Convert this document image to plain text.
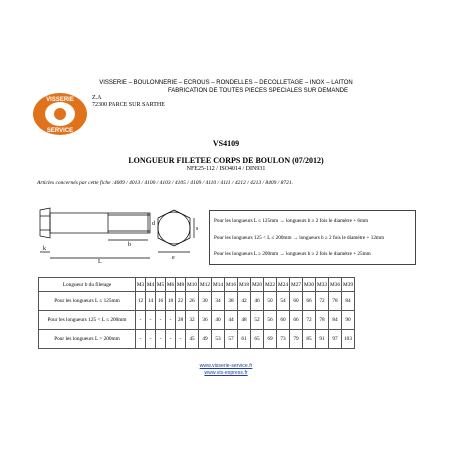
VISSERIE – BOULONNERIE – ECROUS – RONDELLES – DECOLLETAGE – INOX – LAITON
FABRICATION DE TOUTES PIECES SPECIALES SUR DEMANDE
VISSERIE
SERVICE
Z.A
72300 PARCE SUR SARTHE
VS4109
LONGUEUR FILETEE CORPS DE BOULON (07/2012)
NFE25-112 / ISO4014 / DIN931
Articles concernés par cette fiche :4009 / 4013 / 4100 / 4103 / 4105 / 4109 / 4110 / 4111 / 4212 / 4213 / 8409 / 8721.
b
k
L
d
s
e
Pour les longueurs L ≤ 125mm → longueurs b ≥ 2 fois le diamètre + 6mm
Pour les longueurs 125 < L ≤ 200mm → longueurs b ≥ 2 fois le diamètre + 12mm
Pour les longueurs L ≥ 200mm → longueurs b ≥ 2 fois le diamètre + 25mm
Longueur b du filetage	M3	M4	M5	M6	M8	M10	M12	M14	M16	M18	M20	M22	M24	M27	M30	M33	M36	M39
Pour les longueurs L ≤ 125mm	12	14	16	18	22	26	30	34	38	42	46	50	54	60	66	72	78	84
Pour les longueurs 125 < L ≤ 200mm	-	-	-	-	28	32	36	40	44	48	52	56	60	66	72	78	84	90
Pour les longueurs L > 200mm	-	-	-	-	-	45	49	53	57	61	65	69	73	79	85	91	97	103
www.visserie-service.fr
www.vis-express.fr
